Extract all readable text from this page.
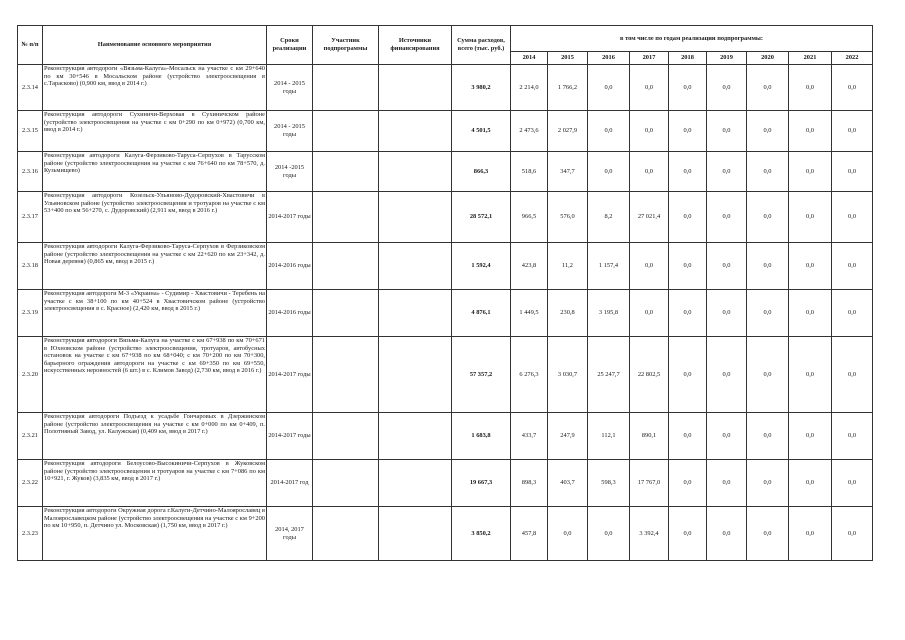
№ п/п	Наименование основного мероприятия	Сроки реализации	Участник подпрограммы	Источники финансирования	Сумма расходов, всего (тыс. руб.)	в том числе по годам реализации подпрограммы:								
						2014	2015	2016	2017	2018	2019	2020	2021	2022
2.3.14	Реконструкция автодороги «Вязьма-Калуга»-Мосальск на участке с км 29+640 по км 30+546 в Мосальском районе (устройство электроосвещения в с.Тарасково) (0,900 км, ввод в 2014 г.)	2014 - 2015 годы			3 980,2	2 214,0	1 766,2	0,0	0,0	0,0	0,0	0,0	0,0	0,0
2.3.15	Реконструкция автодороги Сухиничи-Верховая в Сухиничском районе (устройство электроосвещения на участке с км 0+290 по км 0+972) (0,700 км, ввод в 2014 г.)	2014 - 2015 годы			4 501,5	2 473,6	2 027,9	0,0	0,0	0,0	0,0	0,0	0,0	0,0
2.3.16	Реконструкция автодороги Калуга-Ферзиково-Таруса-Серпухов в Тарусском районе (устройство электроосвещения на участке с км 76+640 по км 78+570, д. Кузьмищево)	2014 -2015 годы			866,3	518,6	347,7	0,0	0,0	0,0	0,0	0,0	0,0	0,0
2.3.17	Реконструкция автодороги Козельск-Ульяново-Дудоровский-Хвастовичи в Ульяновском районе (устройство электроосвещения и тротуаров на участке с км 53+400 по км 56+270, с. Дудоровский) (2,911 км, ввод в 2016 г.)	2014-2017 годы			28 572,1	966,5	576,0	8,2	27 021,4	0,0	0,0	0,0	0,0	0,0
2.3.18	Реконструкция автодороги Калуга-Ферзиково-Таруса-Серпухов в Ферзиковском районе (устройство электроосвещения на участке с км 22+620 по км 23+342, д. Новая деревня) (0,865 км, ввод в 2015 г.)	2014-2016 годы			1 592,4	423,8	11,2	1 157,4	0,0	0,0	0,0	0,0	0,0	0,0
2.3.19	Реконструкция автодороги М-3 «Украина» - Судимир - Хвастовичи - Теребень на участке с км 38+100 по км 40+524 в Хвастовичском районе (устройство электроосвещения в с. Красное) (2,420 км, ввод в 2015 г.)	2014-2016 годы			4 876,1	1 449,5	230,8	3 195,8	0,0	0,0	0,0	0,0	0,0	0,0
2.3.20	Реконструкция автодороги Вязьма-Калуга на участке с км 67+938 по км 70+671 в Юхновском районе (устройство электроосвещения, тротуаров, автобусных остановок на участке с км 67+938 по км 68+040; с км 70+200 по км 70+300, барьерного ограждения автодороги на участке с км 69+350 по км 69+550, искусственных неровностей (6 шт.) в с. Климов Завод) (2,730 км, ввод в 2016 г.)	2014-2017 годы			57 357,2	6 276,3	3 030,7	25 247,7	22 802,5	0,0	0,0	0,0	0,0	0,0
2.3.21	Реконструкция автодороги Подъезд к усадьбе Гончаровых в Дзержинском районе (устройство электроосвещения на участке с км 0+000 по км 0+409, п. Полотняный Завод, ул. Калужская) (0,409 км, ввод в 2017 г.)	2014-2017 годы			1 683,8	433,7	247,9	112,1	890,1	0,0	0,0	0,0	0,0	0,0
2.3.22	Реконструкция автодороги Белоусово-Высокиничи-Серпухов в Жуковском районе (устройство электроосвещения и тротуаров на участке с км 7+086 по км 10+921, г. Жуков) (3,835 км, ввод в 2017 г.)	2014-2017 год			19 667,3	898,3	403,7	598,3	17 767,0	0,0	0,0	0,0	0,0	0,0
2.3.23	Реконструкция автодороги Окружная дорога г.Калуги-Детчино-Малоярославец в Малоярославецком районе (устройство электроосвещения на участке с км 9+200 по км 10+950, п. Детчино ул. Московская) (1,750 км, ввод в 2017 г.)	2014, 2017 годы			3 850,2	457,8	0,0	0,0	3 392,4	0,0	0,0	0,0	0,0	0,0
